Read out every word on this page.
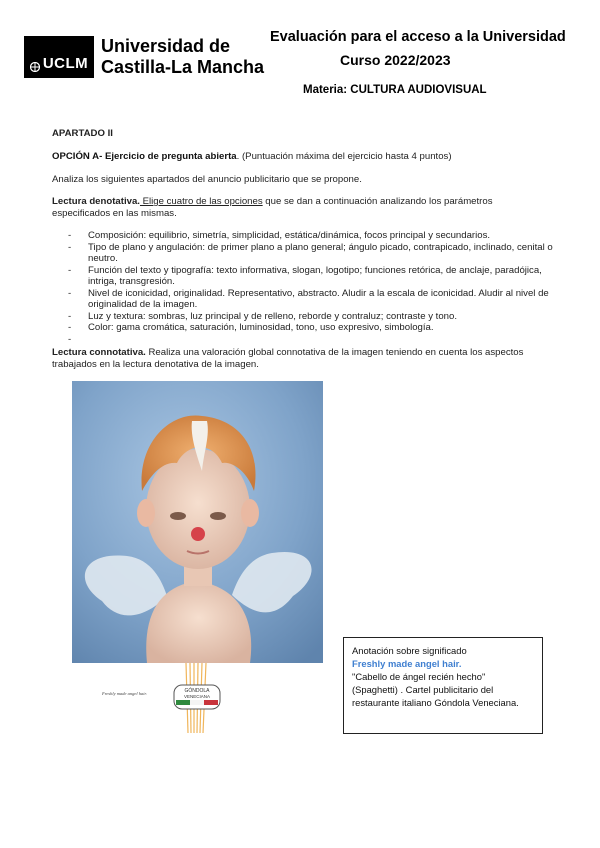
UCLM
Universidad de
Castilla-La Mancha
Evaluación para el acceso a la Universidad
Curso 2022/2023
Materia: CULTURA AUDIOVISUAL
APARTADO II
OPCIÓN A- Ejercicio de pregunta abierta. (Puntuación máxima del ejercicio hasta 4 puntos)
Analiza los siguientes apartados del anuncio publicitario que se propone.
Lectura denotativa. Elige cuatro de las opciones que se dan a continuación analizando los parámetros especificados en las mismas.
- Composición: equilibrio, simetría, simplicidad, estática/dinámica, focos principal y secundarios.
- Tipo de plano y angulación: de primer plano a plano general; ángulo picado, contrapicado, inclinado, cenital o neutro.
- Función del texto y tipografía: texto informativa, slogan, logotipo; funciones retórica, de anclaje, paradójica, intriga, transgresión.
- Nivel de iconicidad, originalidad. Representativo, abstracto. Aludir a la escala de iconicidad. Aludir al nivel de originalidad de la imagen.
- Luz y textura: sombras, luz principal y de relleno, reborde y contraluz; contraste y tono.
- Color: gama cromática, saturación, luminosidad, tono, uso expresivo, simbología.
-

Lectura connotativa. Realiza una valoración global connotativa de la imagen teniendo en cuenta los aspectos trabajados en la lectura denotativa de la imagen.
GÓNDOLA
VENECIANA
Freshly made angel hair.
Anotación sobre significado
Freshly made angel hair.
"Cabello de ángel recién hecho"
(Spaghetti) . Cartel publicitario del
restaurante italiano Góndola Veneciana.
